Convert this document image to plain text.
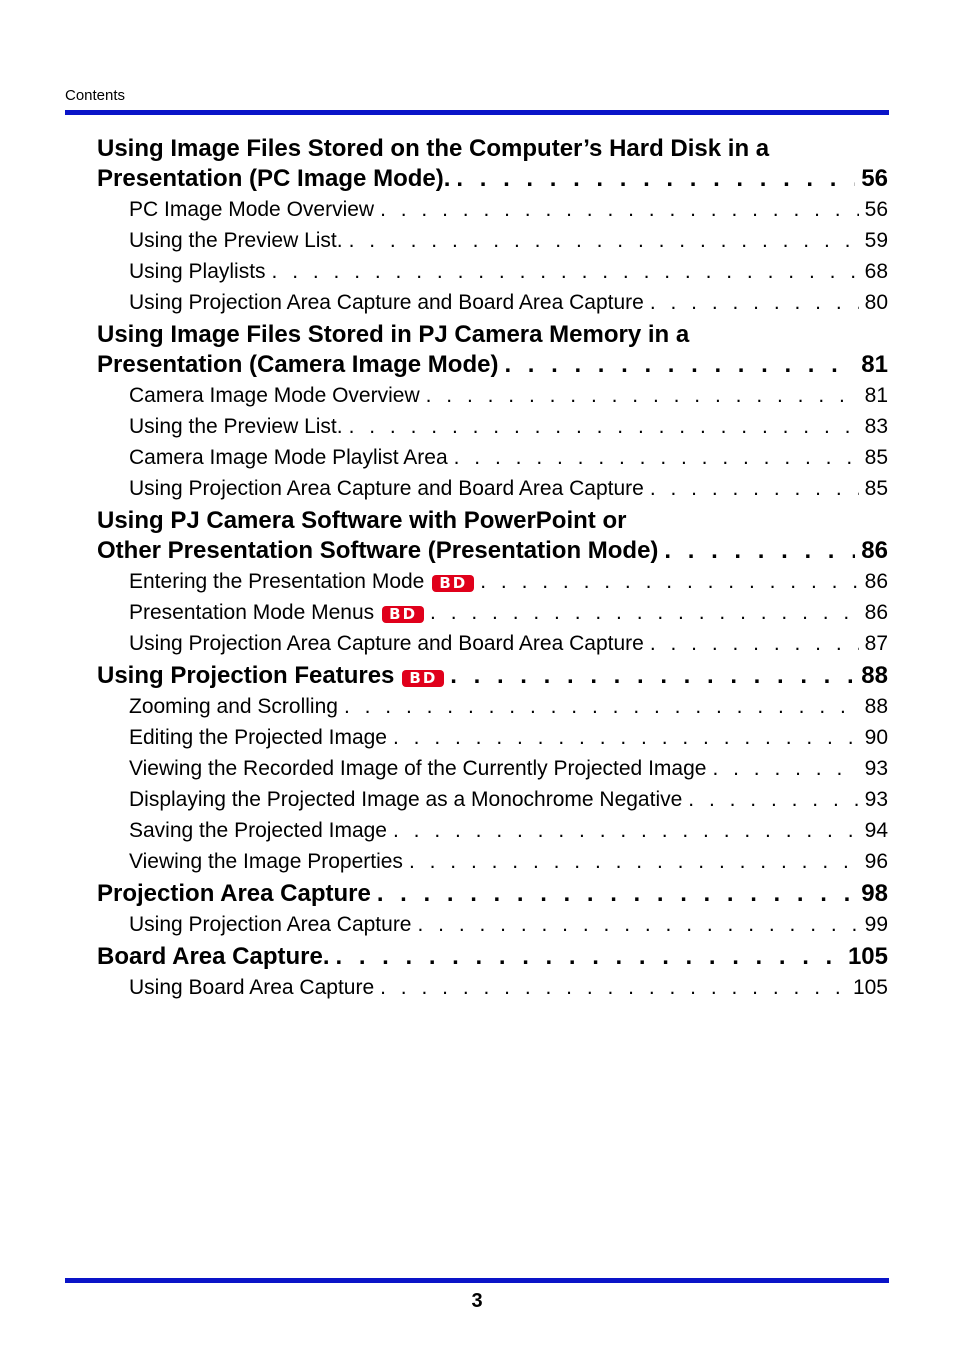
Contents
Using Image Files Stored on the Computer’s Hard Disk in a
Presentation (PC Image Mode). . . .	56
PC Image Mode Overview . . .	56
Using the Preview List. . . .	59
Using Playlists . . .	68
Using Projection Area Capture and Board Area Capture . . .	80
Using Image Files Stored in PJ Camera Memory in a
Presentation (Camera Image Mode) . . .	81
Camera Image Mode Overview . . .	81
Using the Preview List. . . .	83
Camera Image Mode Playlist Area . . .	85
Using Projection Area Capture and Board Area Capture . . .	85
Using PJ Camera Software with PowerPoint or
Other Presentation Software (Presentation Mode) . . .	86
Entering the Presentation Mode	BD . . .	86
Presentation Mode Menus	BD . . .	86
Using Projection Area Capture and Board Area Capture . . .	87
Using Projection Features	BD . . .	88
Zooming and Scrolling . . .	88
Editing the Projected Image . . .	90
Viewing the Recorded Image of the Currently Projected Image . . .	93
Displaying the Projected Image as a Monochrome Negative . . .	93
Saving the Projected Image . . .	94
Viewing the Image Properties . . .	96
Projection Area Capture . . .	98
Using Projection Area Capture . . .	99
Board Area Capture. . . .	105
Using Board Area Capture . . .	105
3
